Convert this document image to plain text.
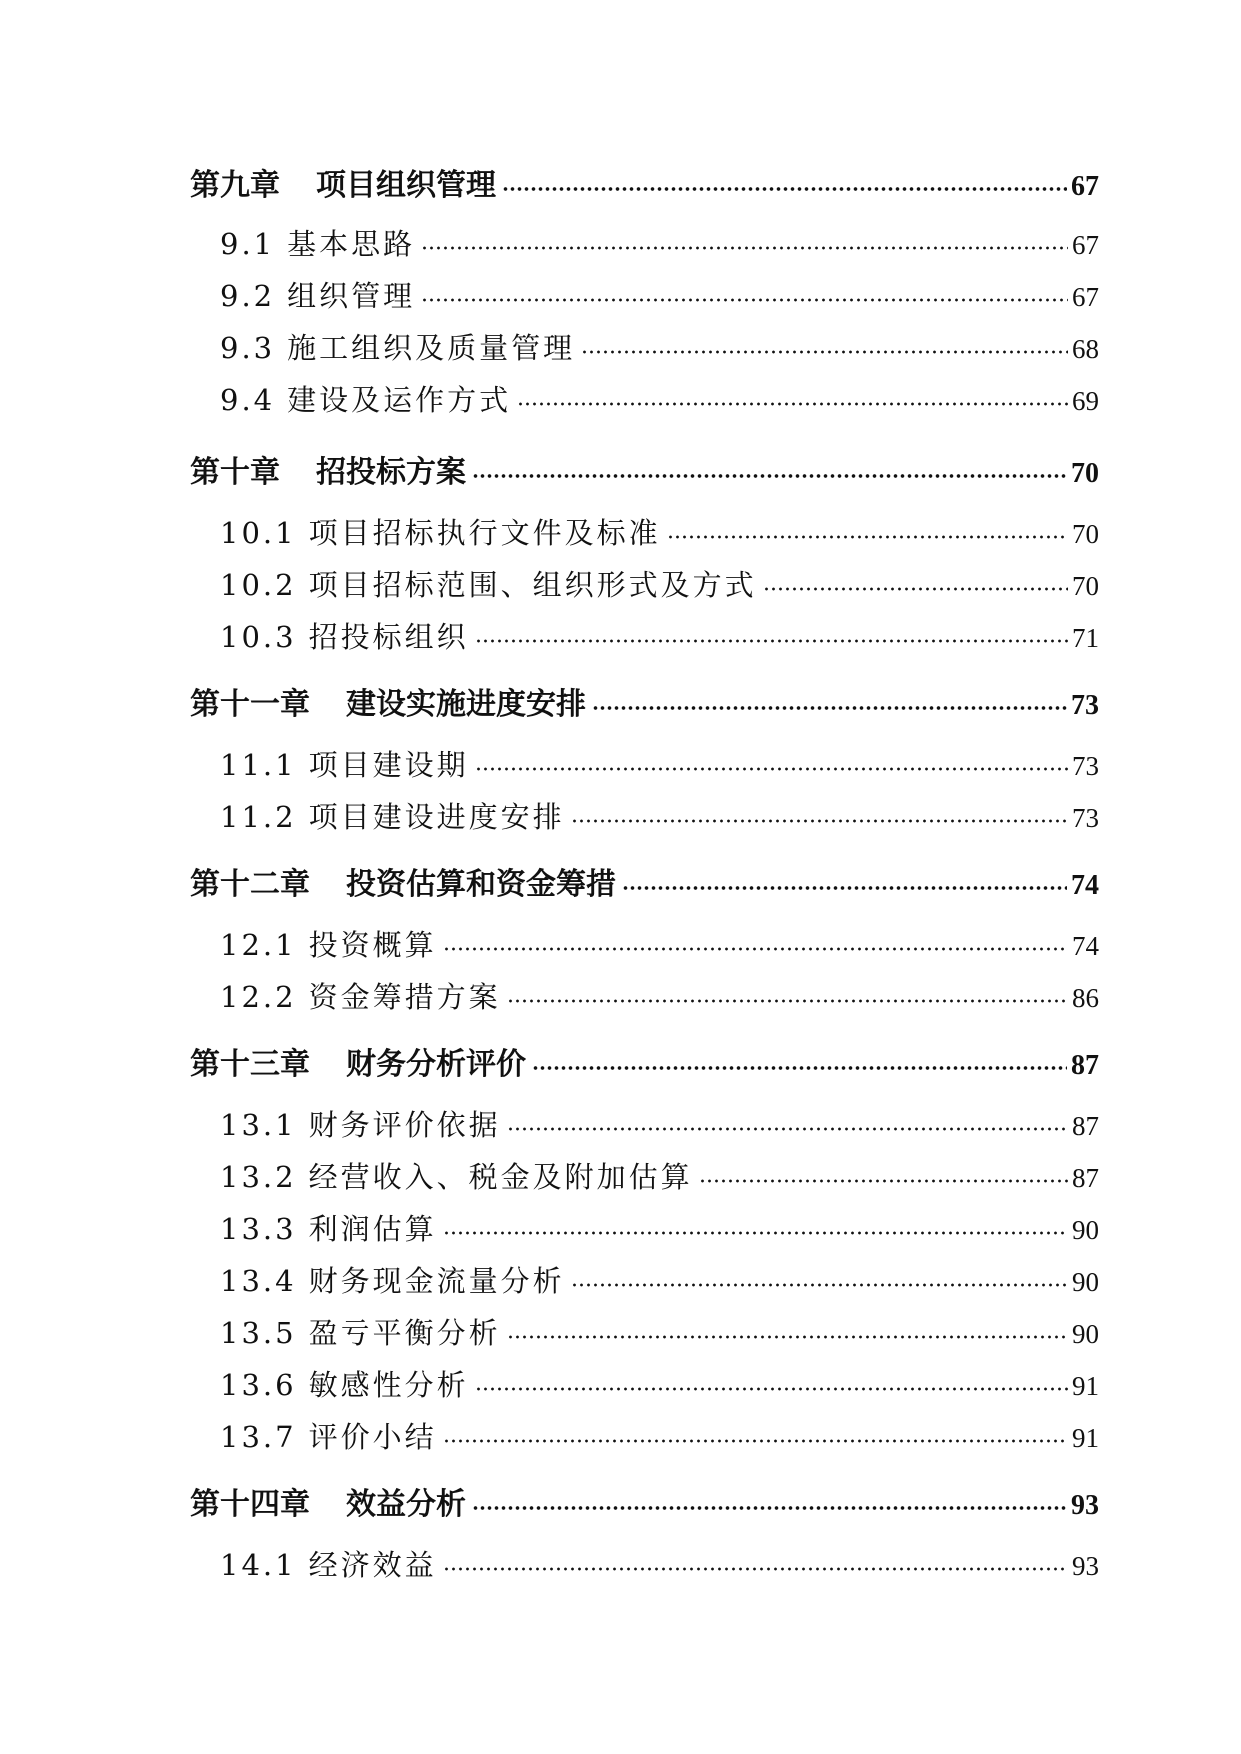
第九章 项目组织管理	67
9.1 基本思路	67
9.2 组织管理	67
9.3 施工组织及质量管理	68
9.4 建设及运作方式	69
第十章 招投标方案	70
10.1 项目招标执行文件及标准	70
10.2 项目招标范围、组织形式及方式	70
10.3 招投标组织	71
第十一章 建设实施进度安排	73
11.1 项目建设期	73
11.2 项目建设进度安排	73
第十二章 投资估算和资金筹措	74
12.1 投资概算	74
12.2 资金筹措方案	86
第十三章 财务分析评价	87
13.1 财务评价依据	87
13.2 经营收入、税金及附加估算	87
13.3 利润估算	90
13.4 财务现金流量分析	90
13.5 盈亏平衡分析	90
13.6 敏感性分析	91
13.7 评价小结	91
第十四章 效益分析	93
14.1 经济效益	93
